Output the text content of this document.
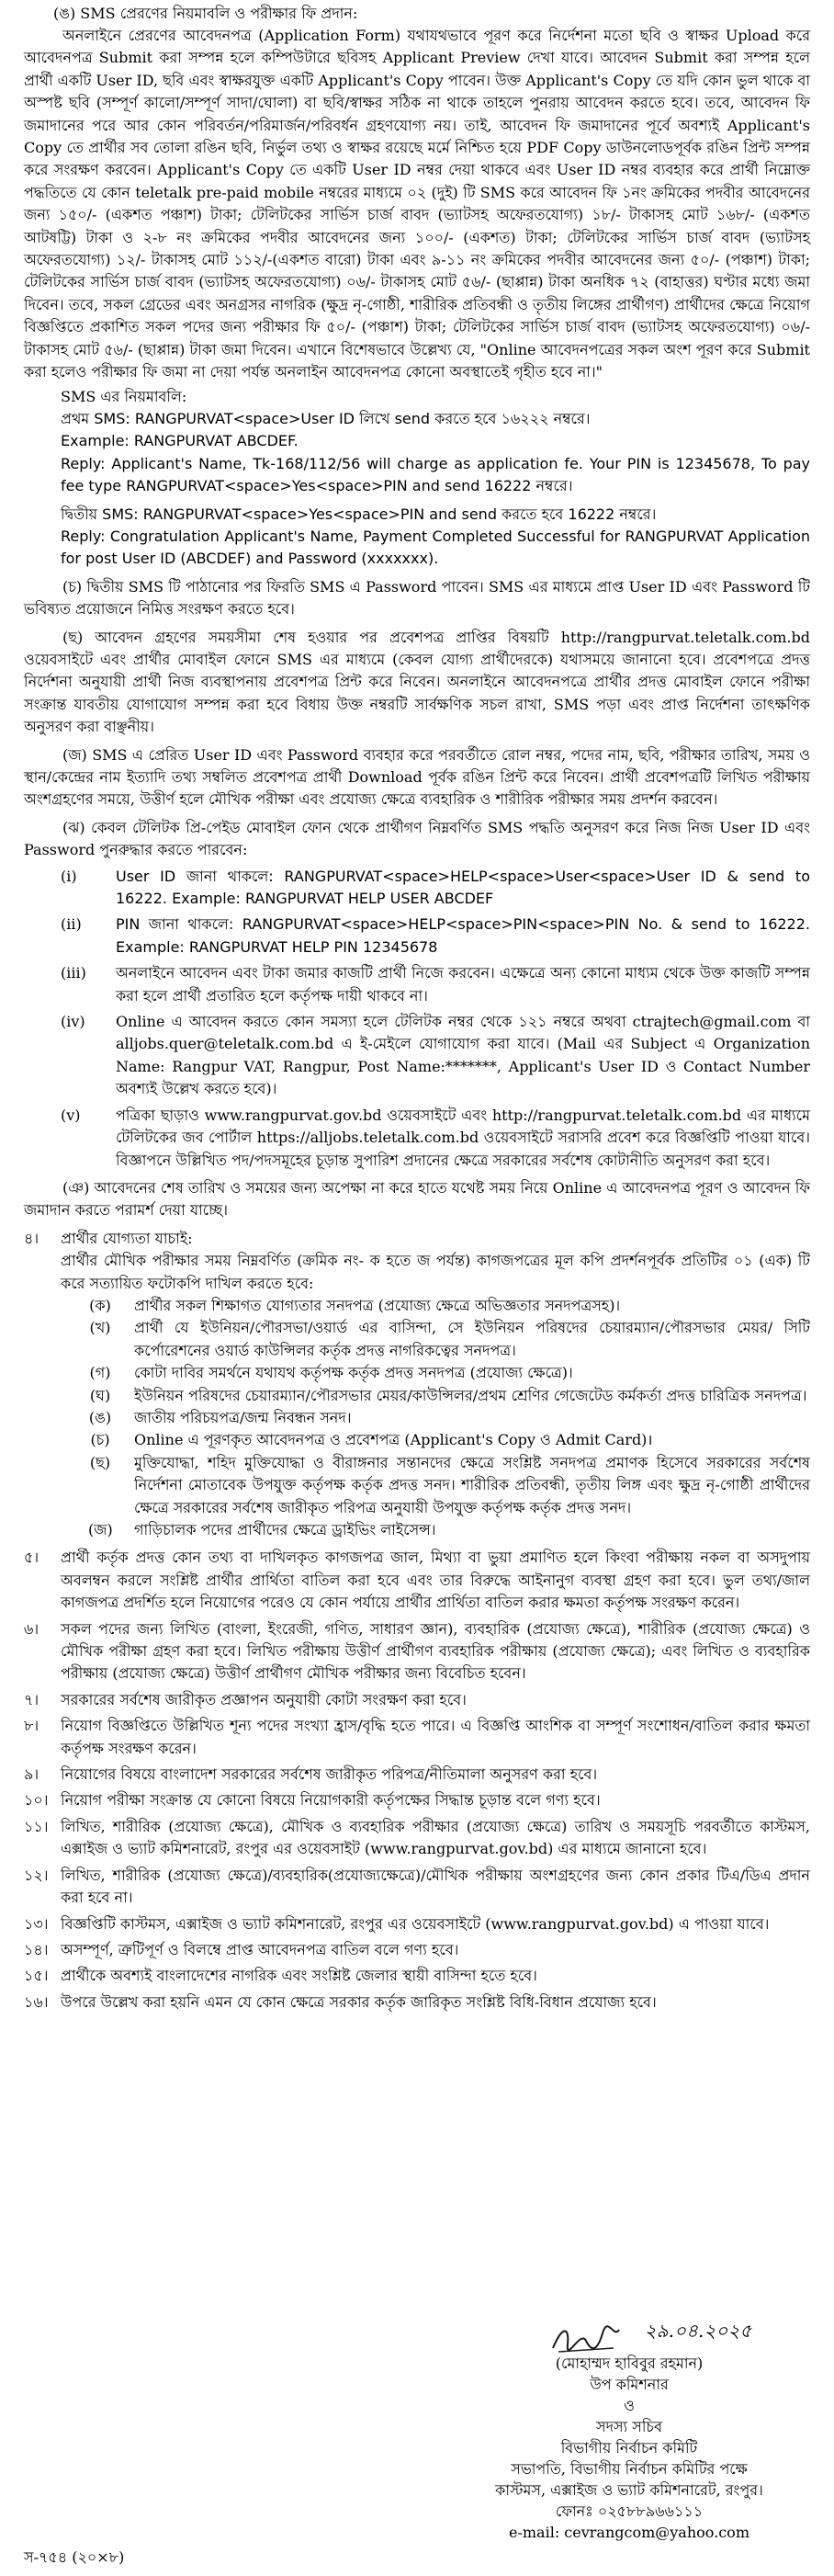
(ঙ) SMS প্রেরণের নিয়মাবলি ও পরীক্ষার ফি প্রদান:

অনলাইনে প্রেরণের আবেদনপত্র (Application Form) যথাযথভাবে পূরণ করে নির্দেশনা মতো ছবি ও স্বাক্ষর Upload করে আবেদনপত্র Submit করা সম্পন্ন হলে কম্পিউটারে ছবিসহ Applicant Preview দেখা যাবে। আবেদন Submit করা সম্পন্ন হলে প্রার্থী একটি User ID, ছবি এবং স্বাক্ষরযুক্ত একটি Applicant's Copy পাবেন। উক্ত Applicant's Copy তে যদি কোন ভুল থাকে বা অস্পষ্ট ছবি (সম্পূর্ণ কালো/সম্পূর্ণ সাদা/ঘোলা) বা ছবি/স্বাক্ষর সঠিক না থাকে তাহলে পুনরায় আবেদন করতে হবে। তবে, আবেদন ফি জমাদানের পরে আর কোন পরিবর্তন/পরিমার্জন/পরিবর্ধন গ্রহণযোগ্য নয়। তাই, আবেদন ফি জমাদানের পূর্বে অবশ্যই Applicant's Copy তে প্রার্থীর সব তোলা রঙিন ছবি, নির্ভুল তথ্য ও স্বাক্ষর রয়েছে মর্মে নিশ্চিত হয়ে PDF Copy ডাউনলোডপূর্বক রঙিন প্রিন্ট সম্পন্ন করে সংরক্ষণ করবেন। Applicant's Copy তে একটি User ID নম্বর দেয়া থাকবে এবং User ID নম্বর ব্যবহার করে প্রার্থী নিম্নোক্ত পদ্ধতিতে যে কোন teletalk pre-paid mobile নম্বরের মাধ্যমে ০২ (দুই) টি SMS করে আবেদন ফি ১নং ক্রমিকের পদবীর আবেদনের জন্য ১৫০/- (একশত পঞ্চাশ) টাকা; টেলিটকের সার্ভিস চার্জ বাবদ (ভ্যাটসহ অফেরতযোগ্য) ১৮/- টাকাসহ মোট ১৬৮/- (একশত আটষট্টি) টাকা ও ২-৮ নং ক্রমিকের পদবীর আবেদনের জন্য ১০০/- (একশত) টাকা; টেলিটকের সার্ভিস চার্জ বাবদ (ভ্যাটসহ অফেরতযোগ্য) ১২/- টাকাসহ মোট ১১২/-(একশত বারো) টাকা এবং ৯-১১ নং ক্রমিকের পদবীর আবেদনের জন্য ৫০/- (পঞ্চাশ) টাকা; টেলিটকের সার্ভিস চার্জ বাবদ (ভ্যাটসহ অফেরতযোগ্য) ০৬/- টাকাসহ মোট ৫৬/- (ছাপ্পান্ন) টাকা অনধিক ৭২ (বাহাত্তর) ঘণ্টার মধ্যে জমা দিবেন। তবে, সকল গ্রেডের এবং অনগ্রসর নাগরিক (ক্ষুদ্র নৃ-গোষ্ঠী, শারীরিক প্রতিবন্ধী ও তৃতীয় লিঙ্গের প্রার্থীগণ) প্রার্থীদের ক্ষেত্রে নিয়োগ বিজ্ঞপ্তিতে প্রকাশিত সকল পদের জন্য পরীক্ষার ফি ৫০/- (পঞ্চাশ) টাকা; টেলিটকের সার্ভিস চার্জ বাবদ (ভ্যাটসহ অফেরতযোগ্য) ০৬/- টাকাসহ মোট ৫৬/- (ছাপ্পান্ন) টাকা জমা দিবেন। এখানে বিশেষভাবে উল্লেখ্য যে, "Online আবেদনপত্রের সকল অংশ পূরণ করে Submit করা হলেও পরীক্ষার ফি জমা না দেয়া পর্যন্ত অনলাইন আবেদনপত্র কোনো অবস্থাতেই গৃহীত হবে না।"

SMS এর নিয়মাবলি:

প্রথম SMS: RANGPURVAT<space>User ID লিখে send করতে হবে ১৬২২২ নম্বরে।

Example: RANGPURVAT ABCDEF.

Reply: Applicant's Name, Tk-168/112/56 will charge as application fe. Your PIN is 12345678, To pay fee type RANGPURVAT<space>Yes<space>PIN and send 16222 নম্বরে।

দ্বিতীয় SMS: RANGPURVAT<space>Yes<space>PIN and send করতে হবে 16222 নম্বরে।

Reply: Congratulation Applicant's Name, Payment Completed Successful for RANGPURVAT Application for post User ID (ABCDEF) and Password (xxxxxxx).

(চ) দ্বিতীয় SMS টি পাঠানোর পর ফিরতি SMS এ Password পাবেন। SMS এর মাধ্যমে প্রাপ্ত User ID এবং Password টি ভবিষ্যত প্রয়োজনে নিমিত্ত সংরক্ষণ করতে হবে।

(ছ) আবেদন গ্রহণের সময়সীমা শেষ হওয়ার পর প্রবেশপত্র প্রাপ্তির বিষয়টি http://rangpurvat.teletalk.com.bd ওয়েবসাইটে এবং প্রার্থীর মোবাইল ফোনে SMS এর মাধ্যমে (কেবল যোগ্য প্রার্থীদেরকে) যথাসময়ে জানানো হবে। প্রবেশপত্রে প্রদত্ত নির্দেশনা অনুযায়ী প্রার্থী নিজ ব্যবস্থাপনায় প্রবেশপত্র প্রিন্ট করে নিবেন। অনলাইনে আবেদনপত্রে প্রার্থীর প্রদত্ত মোবাইল ফোনে পরীক্ষা সংক্রান্ত যাবতীয় যোগাযোগ সম্পন্ন করা হবে বিধায় উক্ত নম্বরটি সার্বক্ষণিক সচল রাখা, SMS পড়া এবং প্রাপ্ত নির্দেশনা তাৎক্ষণিক অনুসরণ করা বাঞ্ছনীয়।

(জ) SMS এ প্রেরিত User ID এবং Password ব্যবহার করে পরবর্তীতে রোল নম্বর, পদের নাম, ছবি, পরীক্ষার তারিখ, সময় ও স্থান/কেন্দ্রের নাম ইত্যাদি তথ্য সম্বলিত প্রবেশপত্র প্রার্থী Download পূর্বক রঙিন প্রিন্ট করে নিবেন। প্রার্থী প্রবেশপত্রটি লিখিত পরীক্ষায় অংশগ্রহণের সময়ে, উত্তীর্ণ হলে মৌখিক পরীক্ষা এবং প্রযোজ্য ক্ষেত্রে ব্যবহারিক ও শারীরিক পরীক্ষার সময় প্রদর্শন করবেন।

(ঝ) কেবল টেলিটক প্রি-পেইড মোবাইল ফোন থেকে প্রার্থীগণ নিম্নবর্ণিত SMS পদ্ধতি অনুসরণ করে নিজ নিজ User ID এবং Password পুনরুদ্ধার করতে পারবেন:

(i)	User ID জানা থাকলে: RANGPURVAT<space>HELP<space>User<space>User ID & send to 16222. Example: RANGPURVAT HELP USER ABCDEF
(ii)	PIN জানা থাকলে: RANGPURVAT<space>HELP<space>PIN<space>PIN No. & send to 16222. Example: RANGPURVAT HELP PIN 12345678
(iii)	অনলাইনে আবেদন এবং টাকা জমার কাজটি প্রার্থী নিজে করবেন। এক্ষেত্রে অন্য কোনো মাধ্যম থেকে উক্ত কাজটি সম্পন্ন করা হলে প্রার্থী প্রতারিত হলে কর্তৃপক্ষ দায়ী থাকবে না।
(iv)	Online এ আবেদন করতে কোন সমস্যা হলে টেলিটক নম্বর থেকে ১২১ নম্বরে অথবা ctrajtech@gmail.com বা alljobs.quer@teletalk.com.bd এ ই-মেইলে যোগাযোগ করা যাবে। (Mail এর Subject এ Organization Name: Rangpur VAT, Rangpur, Post Name:*******, Applicant's User ID ও Contact Number অবশ্যই উল্লেখ করতে হবে)।
(v)	পত্রিকা ছাড়াও www.rangpurvat.gov.bd ওয়েবসাইটে এবং http://rangpurvat.teletalk.com.bd এর মাধ্যমে টেলিটকের জব পোর্টাল https://alljobs.teletalk.com.bd ওয়েবসাইটে সরাসরি প্রবেশ করে বিজ্ঞপ্তিটি পাওয়া যাবে। বিজ্ঞাপনে উল্লিখিত পদ/পদসমূহের চূড়ান্ত সুপারিশ প্রদানের ক্ষেত্রে সরকারের সর্বশেষ কোটানীতি অনুসরণ করা হবে।

(ঞ) আবেদনের শেষ তারিখ ও সময়ের জন্য অপেক্ষা না করে হাতে যথেষ্ট সময় নিয়ে Online এ আবেদনপত্র পূরণ ও আবেদন ফি জমাদান করতে পরামর্শ দেয়া যাচ্ছে।

৪।	প্রার্থীর যোগ্যতা যাচাই:

প্রার্থীর মৌখিক পরীক্ষার সময় নিম্নবর্ণিত (ক্রমিক নং- ক হতে জ পর্যন্ত) কাগজপত্রের মূল কপি প্রদর্শনপূর্বক প্রতিটির ০১ (এক) টি করে সত্যায়িত ফটোকপি দাখিল করতে হবে:

(ক) প্রার্থীর সকল শিক্ষাগত যোগ্যতার সনদপত্র (প্রযোজ্য ক্ষেত্রে অভিজ্ঞতার সনদপত্রসহ)।
(খ) প্রার্থী যে ইউনিয়ন/পৌরসভা/ওয়ার্ড এর বাসিন্দা, সে ইউনিয়ন পরিষদের চেয়ারম্যান/পৌরসভার মেয়র/ সিটি কর্পোরেশনের ওয়ার্ড কাউন্সিলর কর্তৃক প্রদত্ত নাগরিকত্বের সনদপত্র।
(গ) কোটা দাবির সমর্থনে যথাযথ কর্তৃপক্ষ কর্তৃক প্রদত্ত সনদপত্র (প্রযোজ্য ক্ষেত্রে)।
(ঘ) ইউনিয়ন পরিষদের চেয়ারম্যান/পৌরসভার মেয়র/কাউন্সিলর/প্রথম শ্রেণির গেজেটেড কর্মকর্তা প্রদত্ত চারিত্রিক সনদপত্র।
(ঙ) জাতীয় পরিচয়পত্র/জন্ম নিবন্ধন সনদ।
(চ) Online এ পূরণকৃত আবেদনপত্র ও প্রবেশপত্র (Applicant's Copy ও Admit Card)।
(ছ) মুক্তিযোদ্ধা, শহিদ মুক্তিযোদ্ধা ও বীরাঙ্গনার সন্তানদের ক্ষেত্রে সংশ্লিষ্ট সনদপত্র প্রমাণক হিসেবে সরকারের সর্বশেষ নির্দেশনা মোতাবেক উপযুক্ত কর্তৃপক্ষ কর্তৃক প্রদত্ত সনদ। শারীরিক প্রতিবন্ধী, তৃতীয় লিঙ্গ এবং ক্ষুদ্র নৃ-গোষ্ঠী প্রার্থীদের ক্ষেত্রে সরকারের সর্বশেষ জারীকৃত পরিপত্র অনুযায়ী উপযুক্ত কর্তৃপক্ষ কর্তৃক প্রদত্ত সনদ।
(জ) গাড়িচালক পদের প্রার্থীদের ক্ষেত্রে ড্রাইভিং লাইসেন্স।
৫।	প্রার্থী কর্তৃক প্রদত্ত কোন তথ্য বা দাখিলকৃত কাগজপত্র জাল, মিথ্যা বা ভুয়া প্রমাণিত হলে কিংবা পরীক্ষায় নকল বা অসদুপায় অবলম্বন করলে সংশ্লিষ্ট প্রার্থীর প্রার্থিতা বাতিল করা হবে এবং তার বিরুদ্ধে আইনানুগ ব্যবস্থা গ্রহণ করা হবে। ভুল তথ্য/জাল কাগজপত্র প্রদর্শিত হলে নিয়োগের পরেও যে কোন পর্যায়ে প্রার্থীর প্রার্থিতা বাতিল করার ক্ষমতা কর্তৃপক্ষ সংরক্ষণ করেন।
৬।	সকল পদের জন্য লিখিত (বাংলা, ইংরেজী, গণিত, সাধারণ জ্ঞান), ব্যবহারিক (প্রযোজ্য ক্ষেত্রে), শারীরিক (প্রযোজ্য ক্ষেত্রে) ও মৌখিক পরীক্ষা গ্রহণ করা হবে। লিখিত পরীক্ষায় উত্তীর্ণ প্রার্থীগণ ব্যবহারিক পরীক্ষায় (প্রযোজ্য ক্ষেত্রে); এবং লিখিত ও ব্যবহারিক পরীক্ষায় (প্রযোজ্য ক্ষেত্রে) উত্তীর্ণ প্রার্থীগণ মৌখিক পরীক্ষার জন্য বিবেচিত হবেন।
৭।	সরকারের সর্বশেষ জারীকৃত প্রজ্ঞাপন অনুযায়ী কোটা সংরক্ষণ করা হবে।
৮।	নিয়োগ বিজ্ঞপ্তিতে উল্লিখিত শূন্য পদের সংখ্যা হ্রাস/বৃদ্ধি হতে পারে। এ বিজ্ঞপ্তি আংশিক বা সম্পূর্ণ সংশোধন/বাতিল করার ক্ষমতা কর্তৃপক্ষ সংরক্ষণ করেন।
৯।	নিয়োগের বিষয়ে বাংলাদেশ সরকারের সর্বশেষ জারীকৃত পরিপত্র/নীতিমালা অনুসরণ করা হবে।
১০। নিয়োগ পরীক্ষা সংক্রান্ত যে কোনো বিষয়ে নিয়োগকারী কর্তৃপক্ষের সিদ্ধান্ত চূড়ান্ত বলে গণ্য হবে।
১১। লিখিত, শারীরিক (প্রযোজ্য ক্ষেত্রে), মৌখিক ও ব্যবহারিক পরীক্ষার (প্রযোজ্য ক্ষেত্রে) তারিখ ও সময়সূচি পরবর্তীতে কাস্টমস, এক্সাইজ ও ভ্যাট কমিশনারেট, রংপুর এর ওয়েবসাইট (www.rangpurvat.gov.bd) এর মাধ্যমে জানানো হবে।
১২। লিখিত, শারীরিক (প্রযোজ্য ক্ষেত্রে)/ব্যবহারিক(প্রযোজ্যক্ষেত্রে)/মৌখিক পরীক্ষায় অংশগ্রহণের জন্য কোন প্রকার টিএ/ডিএ প্রদান করা হবে না।
১৩। বিজ্ঞপ্তিটি কাস্টমস, এক্সাইজ ও ভ্যাট কমিশনারেট, রংপুর এর ওয়েবসাইটে (www.rangpurvat.gov.bd) এ পাওয়া যাবে।
১৪। অসম্পূর্ণ, ত্রুটিপূর্ণ ও বিলম্বে প্রাপ্ত আবেদনপত্র বাতিল বলে গণ্য হবে।
১৫। প্রার্থীকে অবশ্যই বাংলাদেশের নাগরিক এবং সংশ্লিষ্ট জেলার স্থায়ী বাসিন্দা হতে হবে।
১৬। উপরে উল্লেখ করা হয়নি এমন যে কোন ক্ষেত্রে সরকার কর্তৃক জারিকৃত সংশ্লিষ্ট বিধি-বিধান প্রযোজ্য হবে।
২৯.০৪.২০২৫

(মোহাম্মদ হাবিবুর রহমান)

উপ কমিশনার

ও

সদস্য সচিব

বিভাগীয় নির্বাচন কমিটি

সভাপতি, বিভাগীয় নির্বাচন কমিটির পক্ষে

কাস্টমস, এক্সাইজ ও ভ্যাট কমিশনারেট, রংপুর।

ফোনঃ ০২৫৮৮৯৬৬১১১

e-mail: cevrangcom@yahoo.com

স-৭৫৪ (২০×৮)
